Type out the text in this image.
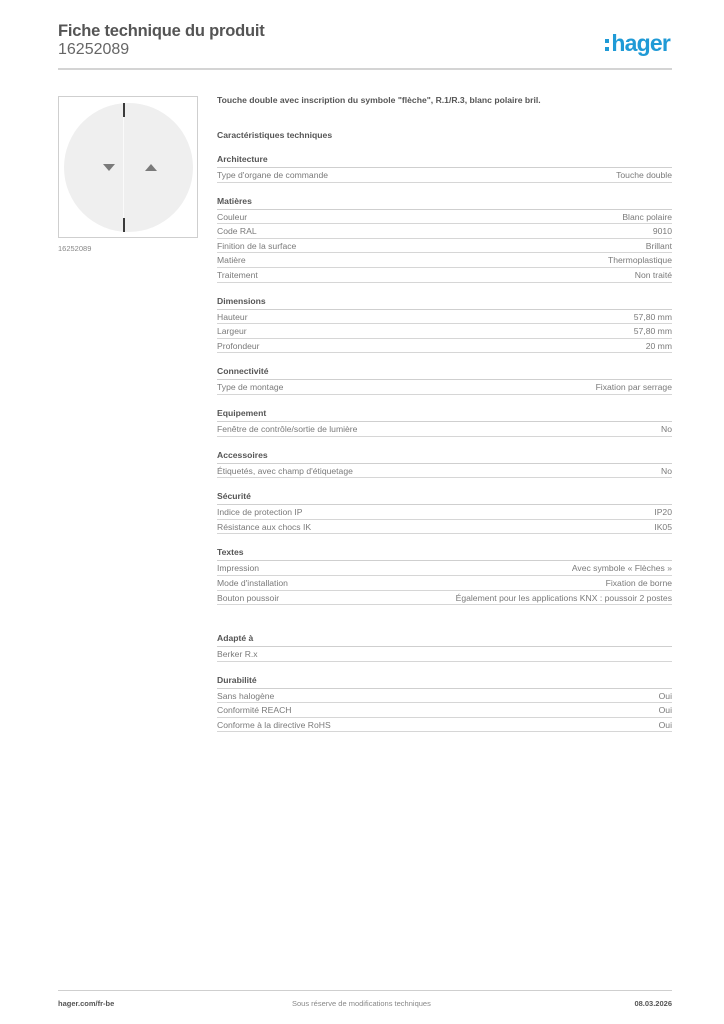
Fiche technique du produit
16252089	hager
16252089
Touche double avec inscription du symbole "flèche", R.1/R.3, blanc polaire bril.
Caractéristiques techniques
Architecture
Type d'organe de commande	Touche double
Matières
Couleur	Blanc polaire
Code RAL	9010
Finition de la surface	Brillant
Matière	Thermoplastique
Traitement	Non traité
Dimensions
Hauteur	57,80 mm
Largeur	57,80 mm
Profondeur	20 mm
Connectivité
Type de montage	Fixation par serrage
Equipement
Fenêtre de contrôle/sortie de lumière	No
Accessoires
Étiquetés, avec champ d'étiquetage	No
Sécurité
Indice de protection IP	IP20
Résistance aux chocs IK	IK05
Textes
Impression	Avec symbole « Flèches »
Mode d'installation	Fixation de borne
Bouton poussoir	Également pour les applications KNX : poussoir 2 postes
Adapté à
Berker R.x
Durabilité
Sans halogène	Oui
Conformité REACH	Oui
Conforme à la directive RoHS	Oui
hager.com/fr-be	Sous réserve de modifications techniques	08.03.2026
